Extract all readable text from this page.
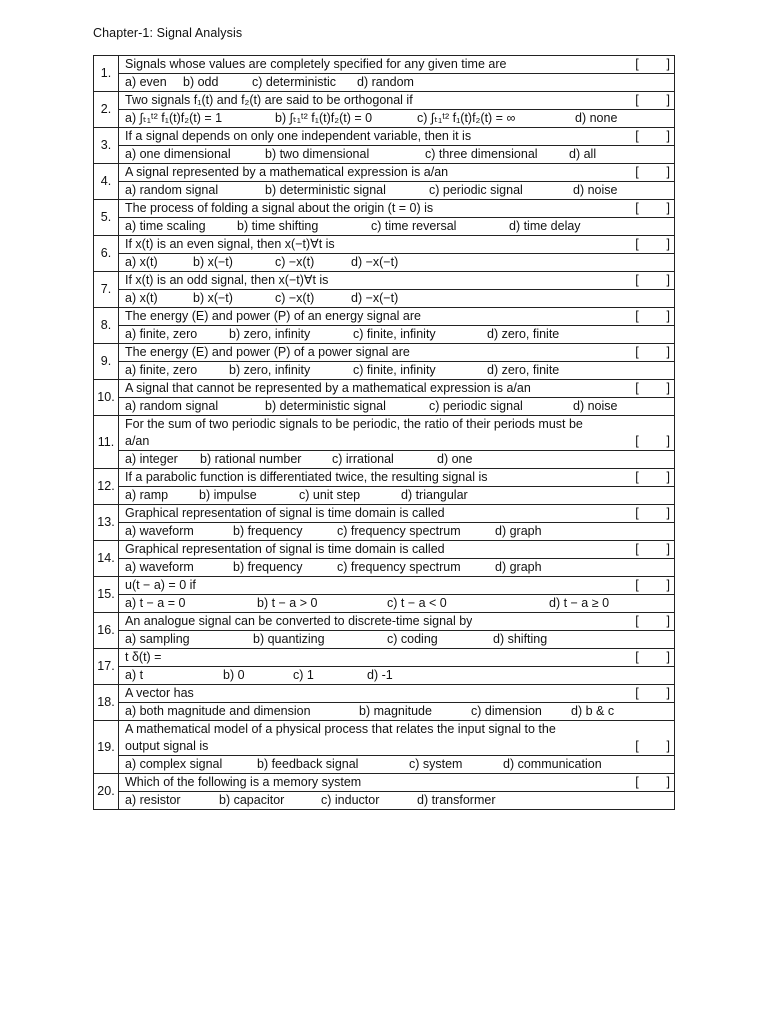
Chapter-1: Signal Analysis
1.	Signals whose values are completely specified for any given time are [        ]

	a) even b) odd c) deterministic d) random

2.	Two signals f₁(t) and f₂(t) are said to be orthogonal if [        ]

	a) ∫ₜ₁ᵗ² f₁(t)f₂(t) = 1 b) ∫ₜ₁ᵗ² f₁(t)f₂(t) = 0 c) ∫ₜ₁ᵗ² f₁(t)f₂(t) = ∞ d) none

3.	If a signal depends on only one independent variable, then it is [        ]

	a) one dimensional b) two dimensional c) three dimensional d) all

4.	A signal represented by a mathematical expression is a/an [        ]

	a) random signal b) deterministic signal c) periodic signal d) noise

5.	The process of folding a signal about the origin (t = 0) is [        ]

	a) time scaling b) time shifting c) time reversal d) time delay

6.	If x(t) is an even signal, then x(−t)∀t is [        ]

	a) x(t) b) x(−t) c) −x(t) d) −x(−t)

7.	If x(t) is an odd signal, then x(−t)∀t is [        ]

	a) x(t) b) x(−t) c) −x(t) d) −x(−t)

8.	The energy (E) and power (P) of an energy signal are [        ]

	a) finite, zero b) zero, infinity c) finite, infinity d) zero, finite

9.	The energy (E) and power (P) of a power signal are [        ]

	a) finite, zero b) zero, infinity c) finite, infinity d) zero, finite

10.	A signal that cannot be represented by a mathematical expression is a/an [        ]

	a) random signal b) deterministic signal c) periodic signal d) noise

11.	For the sum of two periodic signals to be periodic, the ratio of their periods must be
a/an [        ]

	a) integer b) rational number c) irrational d) one

12.	If a parabolic function is differentiated twice, the resulting signal is [        ]

	a) ramp b) impulse c) unit step d) triangular

13.	Graphical representation of signal is time domain is called [        ]

	a) waveform b) frequency c) frequency spectrum d) graph

14.	Graphical representation of signal is time domain is called [        ]

	a) waveform b) frequency c) frequency spectrum d) graph

15.	u(t − a) = 0 if [        ]

	a) t − a = 0 b) t − a > 0 c) t − a < 0 d) t − a ≥ 0

16.	An analogue signal can be converted to discrete-time signal by [        ]

	a) sampling b) quantizing c) coding d) shifting

17.	t δ(t) = [        ]

	a) t b) 0 c) 1 d) -1

18.	A vector has [        ]

	a) both magnitude and dimension b) magnitude c) dimension d) b & c

19.	A mathematical model of a physical process that relates the input signal to the
output signal is [        ]

	a) complex signal b) feedback signal c) system d) communication

20.	Which of the following is a memory system [        ]

	a) resistor b) capacitor c) inductor d) transformer
